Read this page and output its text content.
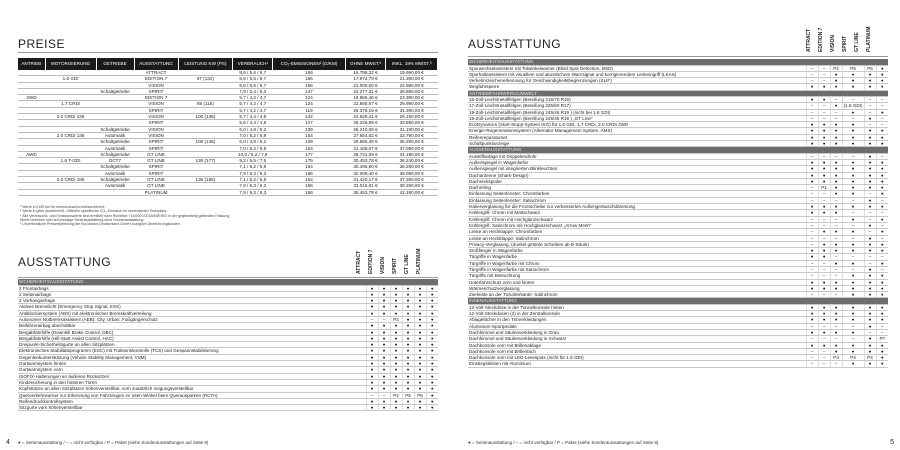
PREISE
ANTRIEB	MOTORISIERUNG	GETRIEBE	AUSSTATTUNG	LEISTUNG KW (PS)	VERBRAUCH¹	CO₂-EMISSIONEN² (G/KM)	OHNE MWST.³	INKL. 19% MWST.³
			ATTRACT		8,6 / 5,6 / 6,7	156	16.798,32 €	19.990,00 €
	1.6 GDI		EDITION 7	97 (132)	8,6 / 5,6 / 6,7	156	17.974,79 €	21.390,00 €
			VISION		8,6 / 5,6 / 6,7	156	21.000,00 €	24.990,00 €
		Schaltgetriebe	SPIRIT		7,9 / 5,4 / 6,3	147	24.277,31 €	28.890,00 €
2WD			EDITION 7		5,7 / 4,2 / 4,7	124	19.655,46 €	23.390,00 €
	1.7 CRDi		VISION	85 (115)	5,7 / 4,2 / 4,7	124	22.680,67 €	26.990,00 €
			SPIRIT		5,7 / 4,2 / 4,7	119	26.378,15 €	31.390,00 €
	2.0 CRDi 136		VISION	100 (136)	5,7 / 4,4 / 4,9	132	24.529,41 €	29.190,00 €
			SPIRIT		5,6 / 4,4 / 4,8	127	28.226,89 €	33.590,00 €
		Schaltgetriebe	VISION		6,0 / 4,8 / 5,2	139	26.210,08 €	31.190,00 €
	2.0 CRDi 136	Automatik	VISION		7,0 / 5,2 / 5,9	154	27.554,62 €	32.790,00 €
		Schaltgetriebe	SPIRIT	100 (136)	6,0 / 4,8 / 5,2	139	29.655,46 €	35.290,00 €
		Automatik	SPIRIT		7,0 / 5,2 / 5,9	154	31.168,07 €	37.090,00 €
AWD		Schaltgetriebe	GT LINE		10,0 / 6,2 / 7,6	177	28.731,09 €	34.190,00 €
	1.6 T-GDI	DCT7	GT LINE	130 (177)	9,2 / 6,5 / 7,5	175	30.453,78 €	36.240,00 €
		Schaltgetriebe	SPIRIT		7,1 / 5,2 / 5,9	154	30.495,80 €	36.290,00 €
		Automatik	SPIRIT		7,9 / 5,3 / 6,3	166	32.008,40 €	38.090,00 €
	2.0 CRDi 185	Schaltgetriebe	GT LINE	136 (185)	7,1 / 5,2 / 5,9	154	31.420,17 €	37.390,00 €
		Automatik	GT LINE		7,9 / 5,3 / 6,3	166	33.016,81 €	39.290,00 €
			PLATINUM		7,9 / 5,3 / 6,3	166	35.453,78 €	42.190,00 €
¹ Werte in l/100 km für innerorts/außerorts/kombiniert.
² Werte in g/km (kombiniert). Offizielle spezifische CO₂-Emission im kombinierten Testzyklus.
* Alle Verbrauchs- und Emissionswerte sind ermittelt nach Richtlinie 715/2007/2015/45/EWG in der gegenwärtig geltenden Fassung.
Werte beziehen sich auf jeweilige Serienausstattung ohne Sonderausstattung.
³ Unverbindliche Preisempfehlung der Kia Motors Deutschland GmbH zuzüglich Überführungskosten.
AUSSTATTUNG	ATTRACT	EDITION 7	VISION	SPIRIT	GT LINE	PLATINUM
SICHERHEITSAUSSTATTUNG						
2 Frontairbags	●	●	●	●	●	●
2 Seitenairbags	●	●	●	●	●	●
2 Vorhangairbags	●	●	●	●	●	●
Aktives Bremslicht (Emergency Stop Signal, ESS)	●	●	●	●	●	●
Antiblockiersystem (ABS) mit elektronischer Bremskraftverteilung	●	●	●	●	●	●
Autonomer Notbremsassistent (AEB): City, Urban, Fußgängerschutz	–	–	P2	●	●	●
Beifahrerairbag abschaltbar	●	●	●	●	●	●
Bergabfahrhilfe (Downhill Brake Control, DBC)	●	●	●	●	●	●
Bergabfahrhilfe (Hill-Start Assist Control, HAC)	●	●	●	●	●	●
Dreipunkt-Sicherheitsgurte an allen Sitzplätzen	●	●	●	●	●	●
Elektronisches Stabilitätsprogramm (ESC) mit Traktionskontrolle (TCS) und Gespannstabilisierung	●	●	●	●	●	●
Gegenlenkunterstützung (Vehicle Stability Management, VSM)	●	●	●	●	●	●
Gurtwarnsystem hinten	●	●	●	●	●	●
Gurtwarnsystem vorn	●	●	●	●	●	●
ISOFIX-Halterungen an äußeren Rücksitzen	●	●	●	●	●	●
Kindersicherung in den hinteren Türen	●	●	●	●	●	●
Kopfstützen an allen Sitzplätzen höhenverstellbar, vorn zusätzlich neigungsverstellbar	●	●	●	●	●	●
Querverkehrwarner zur Erkennung von Fahrzeugen im toten Winkel beim Querausparken (RCTA)	–	–	P2	P5	P5	●
Reifendruckkontrollsystem	●	●	●	●	●	●
Sitzgurte vorn höhenverstellbar	●	●	●	●	●	●
4 ● = Serienausstattung / – = nicht verfügbar / P = Paket (siehe Sonderausstattungen auf Seite 8)
AUSSTATTUNG	ATTRACT	EDITION 7	VISION	SPIRIT	GT LINE	PLATINUM
SICHERHEITSAUSSTATTUNG						
Spurwechselassistent mit Totwinkelwarner (Blind Spot Detection, BSD)	–	–	P2	P5	P5	●
Spurhalteassistent mit visuellem und akustischem Warnsignal und korrigierendem Lenkeingriff (LKAS)	–	–	●	●	●	●
Verkehrszeichenerkennung für Geschwindigkeitsbegrenzungen (SLIF)	–	–	●	●	●	●
Wegfahrsperre	●	●	●	●	●	●
ANTRIEB/FAHRWERK/UMWELT						
16-Zoll-Leichtmetallfelgen (Bereifung 215/70 R16)	●	●	–	–	–	–
17-Zoll-Leichtmetallfelgen (Bereifung 225/60 R17)	–	–	●	(1.6 GDI)	–	–
19-Zoll-Leichtmetallfelgen (Bereifung 245/45 R19 ) (nicht bei 1.6 GDI)	–	–	–	●	–	●
19-Zoll-Leichtmetallfelgen (Bereifung 245/45 R19 ) „GT Line“	–	–	–	–	●	–
EcoDynamics (Start-Stopp-System ISG) für 1.6 GDI, 1.7 CRDi, 2.0 CRDi 2WD	●	●	●	●	–	–
Energie-Regenerationssystem (Alternator Management System, AMS)	●	●	●	●	●	●
Reifenreparaturset	●	●	●	●	●	●
Schaltpunktanzeige	●	●	●	●	●	●
AUSSENAUSSTATTUNG						
Ausstiffanlage mit Doppelendrohr	–	–	–	–	●	–
Außenspiegel in Wagenfarbe	●	●	●	●	●	●
Außenspiegel mit integrierten Blinkleuchten	●	●	●	●	●	●
Dachantenne (Shark-Design)	●	●	●	●	●	●
Dachreckspoiler	●	●	●	●	●	●
Dachreling	–	P1	●	●	●	●
Einfassung Seitenfenster: Chromfarben	–	–	●	●	–	●
Einfassung Seitenfenster: Satinchrom	–	–	–	–	●	–
Isolierverglasung für die Frontscheibe zur verbesserten Außengeräuschdämmung	●	●	●	●	●	●
Kühlergrill: Chrom mit Mattschwarz	●	●	●	–	–	–
Kühlergrill: Chrom mit Hochglanzschwarz	–	–	–	●	–	●
Kühlergrill: Satinchrom mit Hochglanzschwarz „Arrow Mesh“	–	–	–	–	●	–
Leiste an Heckklappe: Chromfarben	–	●	●	●	–	●
Leiste an Heckklappe: Satinchrom	–	–	–	–	●	–
Privacy-Verglasung: (dunkel getönte Scheiben ab B-Säule)	–	●	●	●	●	●
Stoßfänger in Wagenfarbe	●	●	●	●	●	●
Türgriffe in Wagenfarbe	●	●	–	–	–	–
Türgriffe in Wagenfarbe mit Chrom	–	–	●	●	–	●
Türgriffe in Wagenfarbe mit Satinchrom	–	–	–	–	●	–
Türgriffe mit Beleuchtung	–	–	–	●	●	●
Unterfahrschutz vorn und hinten	●	●	●	●	●	●
Wärmeschutzverglasung	●	●	●	●	●	●
Zierleiste an der Türunterkante: Satinchrom	–	–	–	●	●	●
INNENAUSSTATTUNG						
12-Volt-Steckdose in der Tunnelkonsole hinten	●	●	●	●	●	●
12-Volt-Steckdosen (2) in der Zentralkonsole	●	●	●	●	●	●
Ablagefächer in den Türverkleidungen	●	●	●	●	●	●
Aluminium-Sportpedale	–	–	–	–	●	–
Dachhimmel und Säulenverkleidung in Grau	●	●	●	●	–	–
Dachhimmel und Säulenverkleidung in Schwarz	–	–	–	–	●	P7
Dachkonsole vorn mit Brillenablage	●	●	●	●	●	●
Dachkonsole vorn mit Brillenfach	–	–	●	●	●	●
Dachkonsole vorn mit LED-Lesespots (nicht für 1.6 GDI)	–	–	P4	P4	P4	●
Einstiegsleisten mit Aluminium	–	–	–	●	●	●
5
● = Serienausstattung / – = nicht verfügbar / P = Paket (siehe Sonderausstattungen auf Seite 8)
